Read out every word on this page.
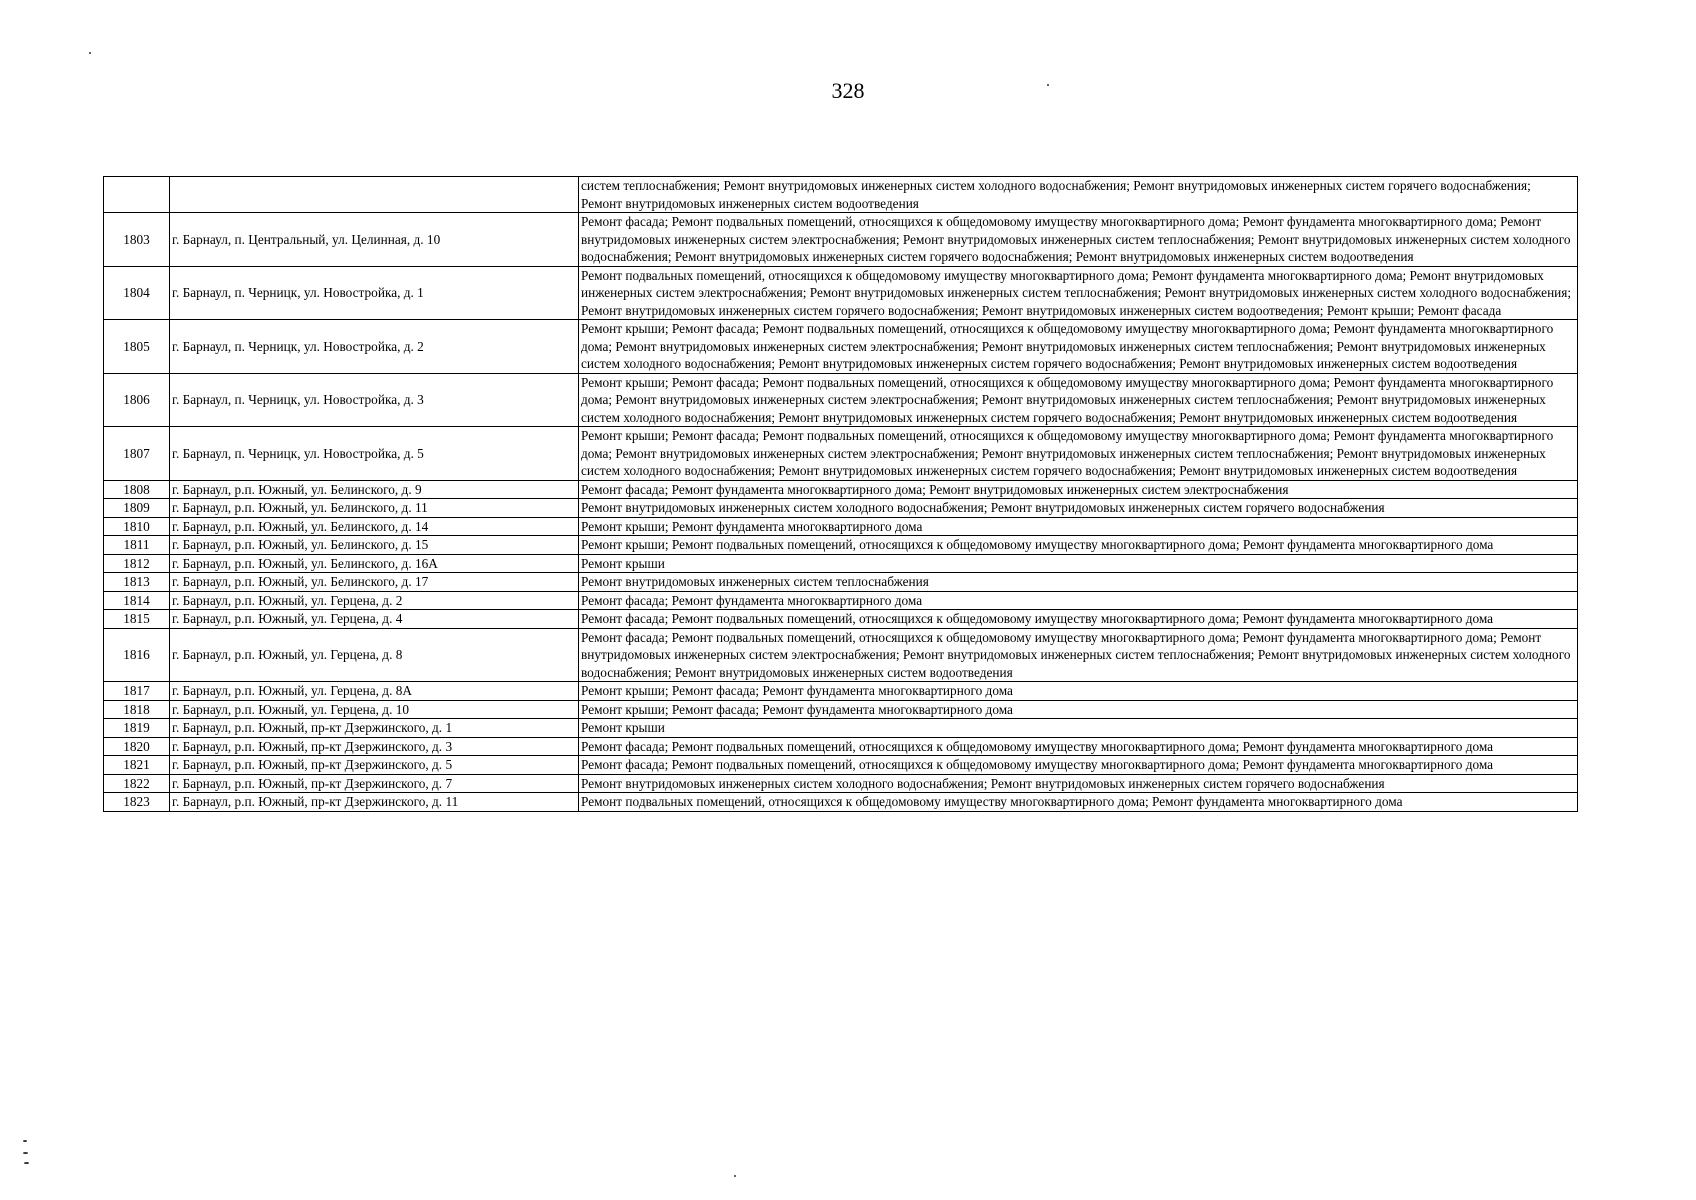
328
		систем теплоснабжения; Ремонт внутридомовых инженерных систем холодного водоснабжения; Ремонт внутридомовых инженерных систем горячего водоснабжения; Ремонт внутридомовых инженерных систем водоотведения
1803	г. Барнаул, п. Центральный, ул. Целинная, д. 10	Ремонт фасада; Ремонт подвальных помещений, относящихся к общедомовому имуществу многоквартирного дома; Ремонт фундамента многоквартирного дома; Ремонт внутридомовых инженерных систем электроснабжения; Ремонт внутридомовых инженерных систем теплоснабжения; Ремонт внутридомовых инженерных систем холодного водоснабжения; Ремонт внутридомовых инженерных систем горячего водоснабжения; Ремонт внутридомовых инженерных систем водоотведения
1804	г. Барнаул, п. Черницк, ул. Новостройка, д. 1	Ремонт подвальных помещений, относящихся к общедомовому имуществу многоквартирного дома; Ремонт фундамента многоквартирного дома; Ремонт внутридомовых инженерных систем электроснабжения; Ремонт внутридомовых инженерных систем теплоснабжения; Ремонт внутридомовых инженерных систем холодного водоснабжения; Ремонт внутридомовых инженерных систем горячего водоснабжения; Ремонт внутридомовых инженерных систем водоотведения; Ремонт крыши; Ремонт фасада
1805	г. Барнаул, п. Черницк, ул. Новостройка, д. 2	Ремонт крыши; Ремонт фасада; Ремонт подвальных помещений, относящихся к общедомовому имуществу многоквартирного дома; Ремонт фундамента многоквартирного дома; Ремонт внутридомовых инженерных систем электроснабжения; Ремонт внутридомовых инженерных систем теплоснабжения; Ремонт внутридомовых инженерных систем холодного водоснабжения; Ремонт внутридомовых инженерных систем горячего водоснабжения; Ремонт внутридомовых инженерных систем водоотведения
1806	г. Барнаул, п. Черницк, ул. Новостройка, д. 3	Ремонт крыши; Ремонт фасада; Ремонт подвальных помещений, относящихся к общедомовому имуществу многоквартирного дома; Ремонт фундамента многоквартирного дома; Ремонт внутридомовых инженерных систем электроснабжения; Ремонт внутридомовых инженерных систем теплоснабжения; Ремонт внутридомовых инженерных систем холодного водоснабжения; Ремонт внутридомовых инженерных систем горячего водоснабжения; Ремонт внутридомовых инженерных систем водоотведения
1807	г. Барнаул, п. Черницк, ул. Новостройка, д. 5	Ремонт крыши; Ремонт фасада; Ремонт подвальных помещений, относящихся к общедомовому имуществу многоквартирного дома; Ремонт фундамента многоквартирного дома; Ремонт внутридомовых инженерных систем электроснабжения; Ремонт внутридомовых инженерных систем теплоснабжения; Ремонт внутридомовых инженерных систем холодного водоснабжения; Ремонт внутридомовых инженерных систем горячего водоснабжения; Ремонт внутридомовых инженерных систем водоотведения
1808	г. Барнаул, р.п. Южный, ул. Белинского, д. 9	Ремонт фасада; Ремонт фундамента многоквартирного дома; Ремонт внутридомовых инженерных систем электроснабжения
1809	г. Барнаул, р.п. Южный, ул. Белинского, д. 11	Ремонт внутридомовых инженерных систем холодного водоснабжения; Ремонт внутридомовых инженерных систем горячего водоснабжения
1810	г. Барнаул, р.п. Южный, ул. Белинского, д. 14	Ремонт крыши; Ремонт фундамента многоквартирного дома
1811	г. Барнаул, р.п. Южный, ул. Белинского, д. 15	Ремонт крыши; Ремонт подвальных помещений, относящихся к общедомовому имуществу многоквартирного дома; Ремонт фундамента многоквартирного дома
1812	г. Барнаул, р.п. Южный, ул. Белинского, д. 16А	Ремонт крыши
1813	г. Барнаул, р.п. Южный, ул. Белинского, д. 17	Ремонт внутридомовых инженерных систем теплоснабжения
1814	г. Барнаул, р.п. Южный, ул. Герцена, д. 2	Ремонт фасада; Ремонт фундамента многоквартирного дома
1815	г. Барнаул, р.п. Южный, ул. Герцена, д. 4	Ремонт фасада; Ремонт подвальных помещений, относящихся к общедомовому имуществу многоквартирного дома; Ремонт фундамента многоквартирного дома
1816	г. Барнаул, р.п. Южный, ул. Герцена, д. 8	Ремонт фасада; Ремонт подвальных помещений, относящихся к общедомовому имуществу многоквартирного дома; Ремонт фундамента многоквартирного дома; Ремонт внутридомовых инженерных систем электроснабжения; Ремонт внутридомовых инженерных систем теплоснабжения; Ремонт внутридомовых инженерных систем холодного водоснабжения; Ремонт внутридомовых инженерных систем водоотведения
1817	г. Барнаул, р.п. Южный, ул. Герцена, д. 8А	Ремонт крыши; Ремонт фасада; Ремонт фундамента многоквартирного дома
1818	г. Барнаул, р.п. Южный, ул. Герцена, д. 10	Ремонт крыши; Ремонт фасада; Ремонт фундамента многоквартирного дома
1819	г. Барнаул, р.п. Южный, пр-кт Дзержинского, д. 1	Ремонт крыши
1820	г. Барнаул, р.п. Южный, пр-кт Дзержинского, д. 3	Ремонт фасада; Ремонт подвальных помещений, относящихся к общедомовому имуществу многоквартирного дома; Ремонт фундамента многоквартирного дома
1821	г. Барнаул, р.п. Южный, пр-кт Дзержинского, д. 5	Ремонт фасада; Ремонт подвальных помещений, относящихся к общедомовому имуществу многоквартирного дома; Ремонт фундамента многоквартирного дома
1822	г. Барнаул, р.п. Южный, пр-кт Дзержинского, д. 7	Ремонт внутридомовых инженерных систем холодного водоснабжения; Ремонт внутридомовых инженерных систем горячего водоснабжения
1823	г. Барнаул, р.п. Южный, пр-кт Дзержинского, д. 11	Ремонт подвальных помещений, относящихся к общедомовому имуществу многоквартирного дома; Ремонт фундамента многоквартирного дома
